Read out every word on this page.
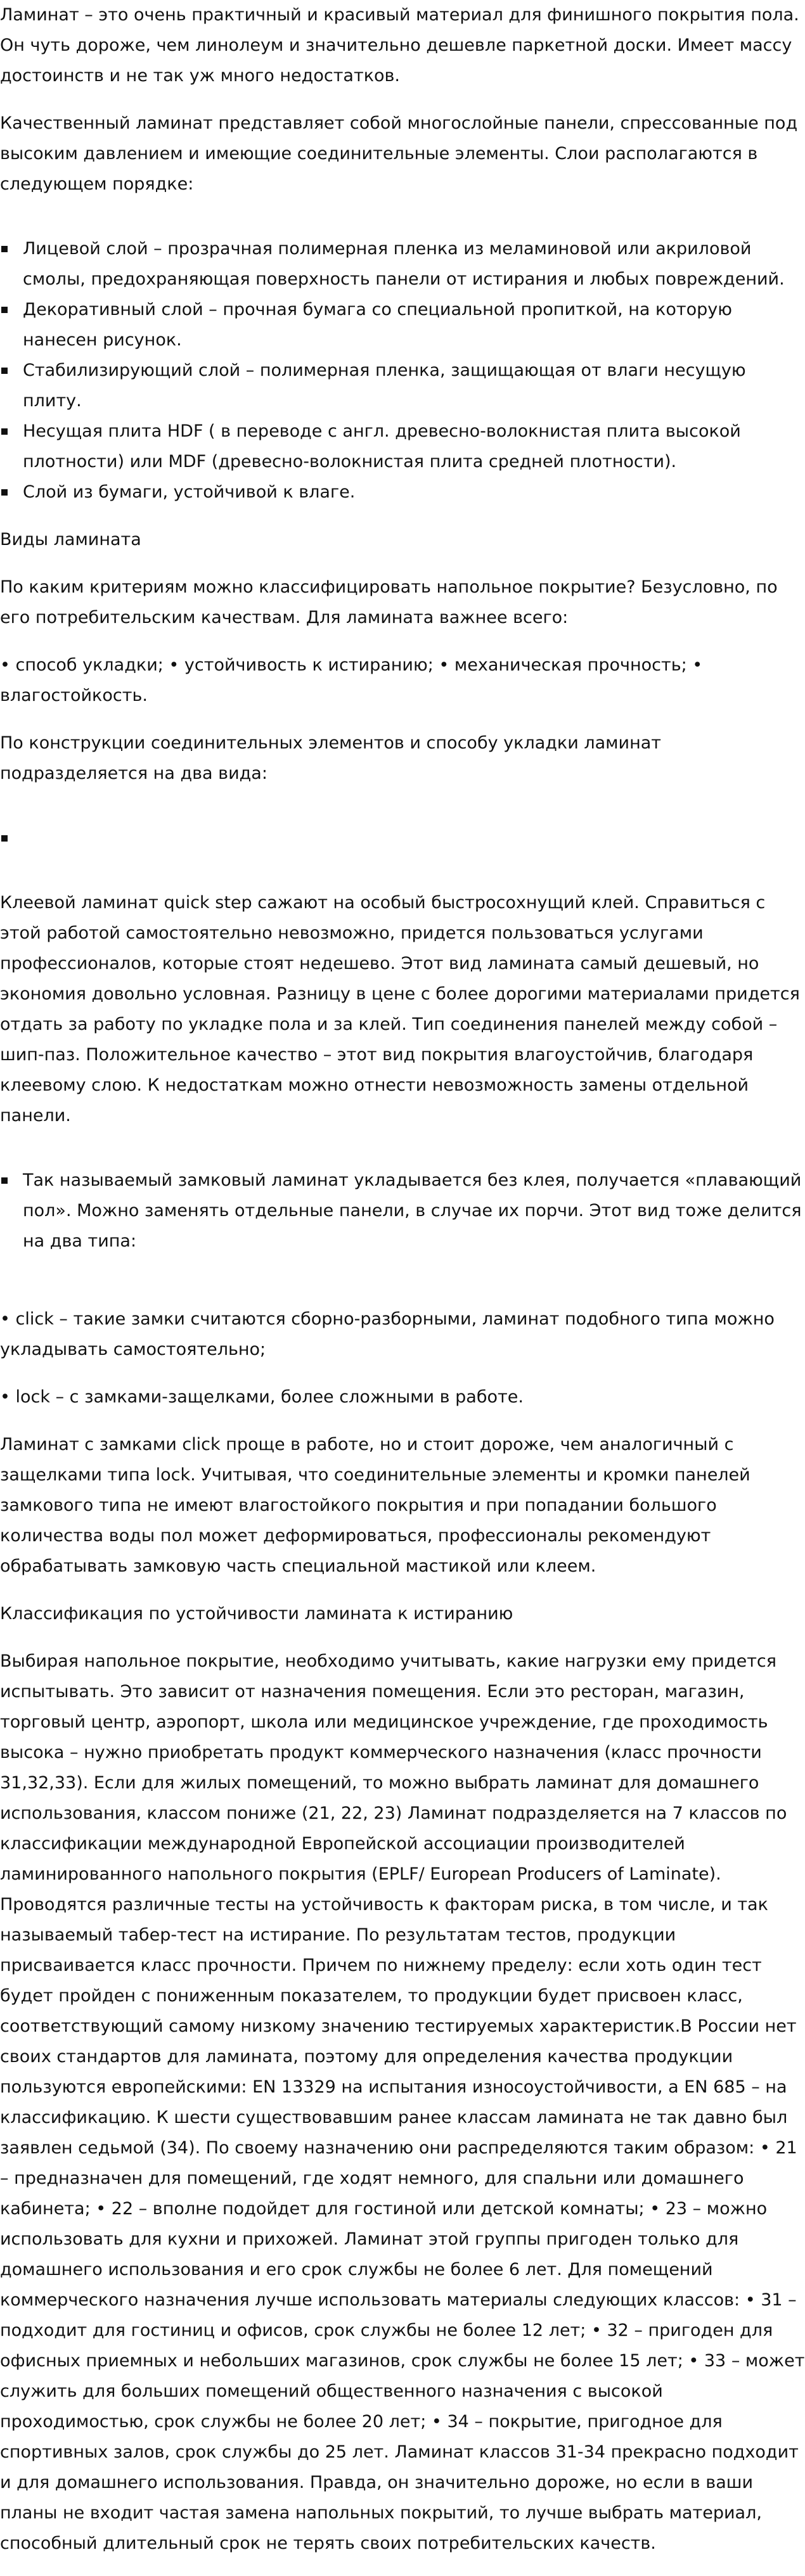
Ламинат – это очень практичный и красивый материал для финишного покрытия пола. Он чуть дороже, чем линолеум и значительно дешевле паркетной доски. Имеет массу достоинств и не так уж много недостатков.

Качественный ламинат представляет собой многослойные панели, спрессованные под высоким давлением и имеющие соединительные элементы. Слои располагаются в следующем порядке:

Лицевой слой – прозрачная полимерная пленка из меламиновой или акриловой смолы, предохраняющая поверхность панели от истирания и любых повреждений.
Декоративный слой – прочная бумага со специальной пропиткой, на которую нанесен рисунок.
Стабилизирующий слой – полимерная пленка, защищающая от влаги несущую плиту.
Несущая плита HDF ( в переводе с англ. древесно-волокнистая плита высокой плотности) или MDF (древесно-волокнистая плита средней плотности).
Слой из бумаги, устойчивой к влаге.

Виды ламината

По каким критериям можно классифицировать напольное покрытие? Безусловно, по его потребительским качествам. Для ламината важнее всего:

• способ укладки; • устойчивость к истиранию; • механическая прочность; • влагостойкость.

По конструкции соединительных элементов и способу укладки ламинат подразделяется на два вида:

Клеевой ламинат quick step сажают на особый быстросохнущий клей. Справиться с этой работой самостоятельно невозможно, придется пользоваться услугами профессионалов, которые стоят недешево. Этот вид ламината самый дешевый, но экономия довольно условная. Разницу в цене с более дорогими материалами придется отдать за работу по укладке пола и за клей. Тип соединения панелей между собой – шип-паз. Положительное качество – этот вид покрытия влагоустойчив, благодаря клеевому слою. К недостаткам можно отнести невозможность замены отдельной панели.

Так называемый замковый ламинат укладывается без клея, получается «плавающий пол». Можно заменять отдельные панели, в случае их порчи. Этот вид тоже делится на два типа:

• click – такие замки считаются сборно-разборными, ламинат подобного типа можно укладывать самостоятельно;

• lock – с замками-защелками, более сложными в работе.

Ламинат с замками click проще в работе, но и стоит дороже, чем аналогичный с защелками типа lock. Учитывая, что соединительные элементы и кромки панелей замкового типа не имеют влагостойкого покрытия и при попадании большого количества воды пол может деформироваться, профессионалы рекомендуют обрабатывать замковую часть специальной мастикой или клеем.

Классификация по устойчивости ламината к истиранию

Выбирая напольное покрытие, необходимо учитывать, какие нагрузки ему придется испытывать. Это зависит от назначения помещения. Если это ресторан, магазин, торговый центр, аэропорт, школа или медицинское учреждение, где проходимость высока – нужно приобретать продукт коммерческого назначения (класс прочности 31,32,33). Если для жилых помещений, то можно выбрать ламинат для домашнего использования, классом пониже (21, 22, 23) Ламинат подразделяется на 7 классов по классификации международной Европейской ассоциации производителей ламинированного напольного покрытия (EPLF/ European Producers of Laminate). Проводятся различные тесты на устойчивость к факторам риска, в том числе, и так называемый табер-тест на истирание. По результатам тестов, продукции присваивается класс прочности. Причем по нижнему пределу: если хоть один тест будет пройден с пониженным показателем, то продукции будет присвоен класс, соответствующий самому низкому значению тестируемых характеристик.В России нет своих стандартов для ламината, поэтому для определения качества продукции пользуются европейскими: EN 13329 на испытания износоустойчивости, а EN 685 – на классификацию. К шести существовавшим ранее классам ламината не так давно был заявлен седьмой (34). По своему назначению они распределяются таким образом: • 21 – предназначен для помещений, где ходят немного, для спальни или домашнего кабинета; • 22 – вполне подойдет для гостиной или детской комнаты; • 23 – можно использовать для кухни и прихожей. Ламинат этой группы пригоден только для домашнего использования и его срок службы не более 6 лет. Для помещений коммерческого назначения лучше использовать материалы следующих классов: • 31 – подходит для гостиниц и офисов, срок службы не более 12 лет; • 32 – пригоден для офисных приемных и небольших магазинов, срок службы не более 15 лет; • 33 – может служить для больших помещений общественного назначения с высокой проходимостью, срок службы не более 20 лет; • 34 – покрытие, пригодное для спортивных залов, срок службы до 25 лет. Ламинат классов 31-34 прекрасно подходит и для домашнего использования. Правда, он значительно дороже, но если в ваши планы не входит частая замена напольных покрытий, то лучше выбрать материал, способный длительный срок не терять своих потребительских качеств.
